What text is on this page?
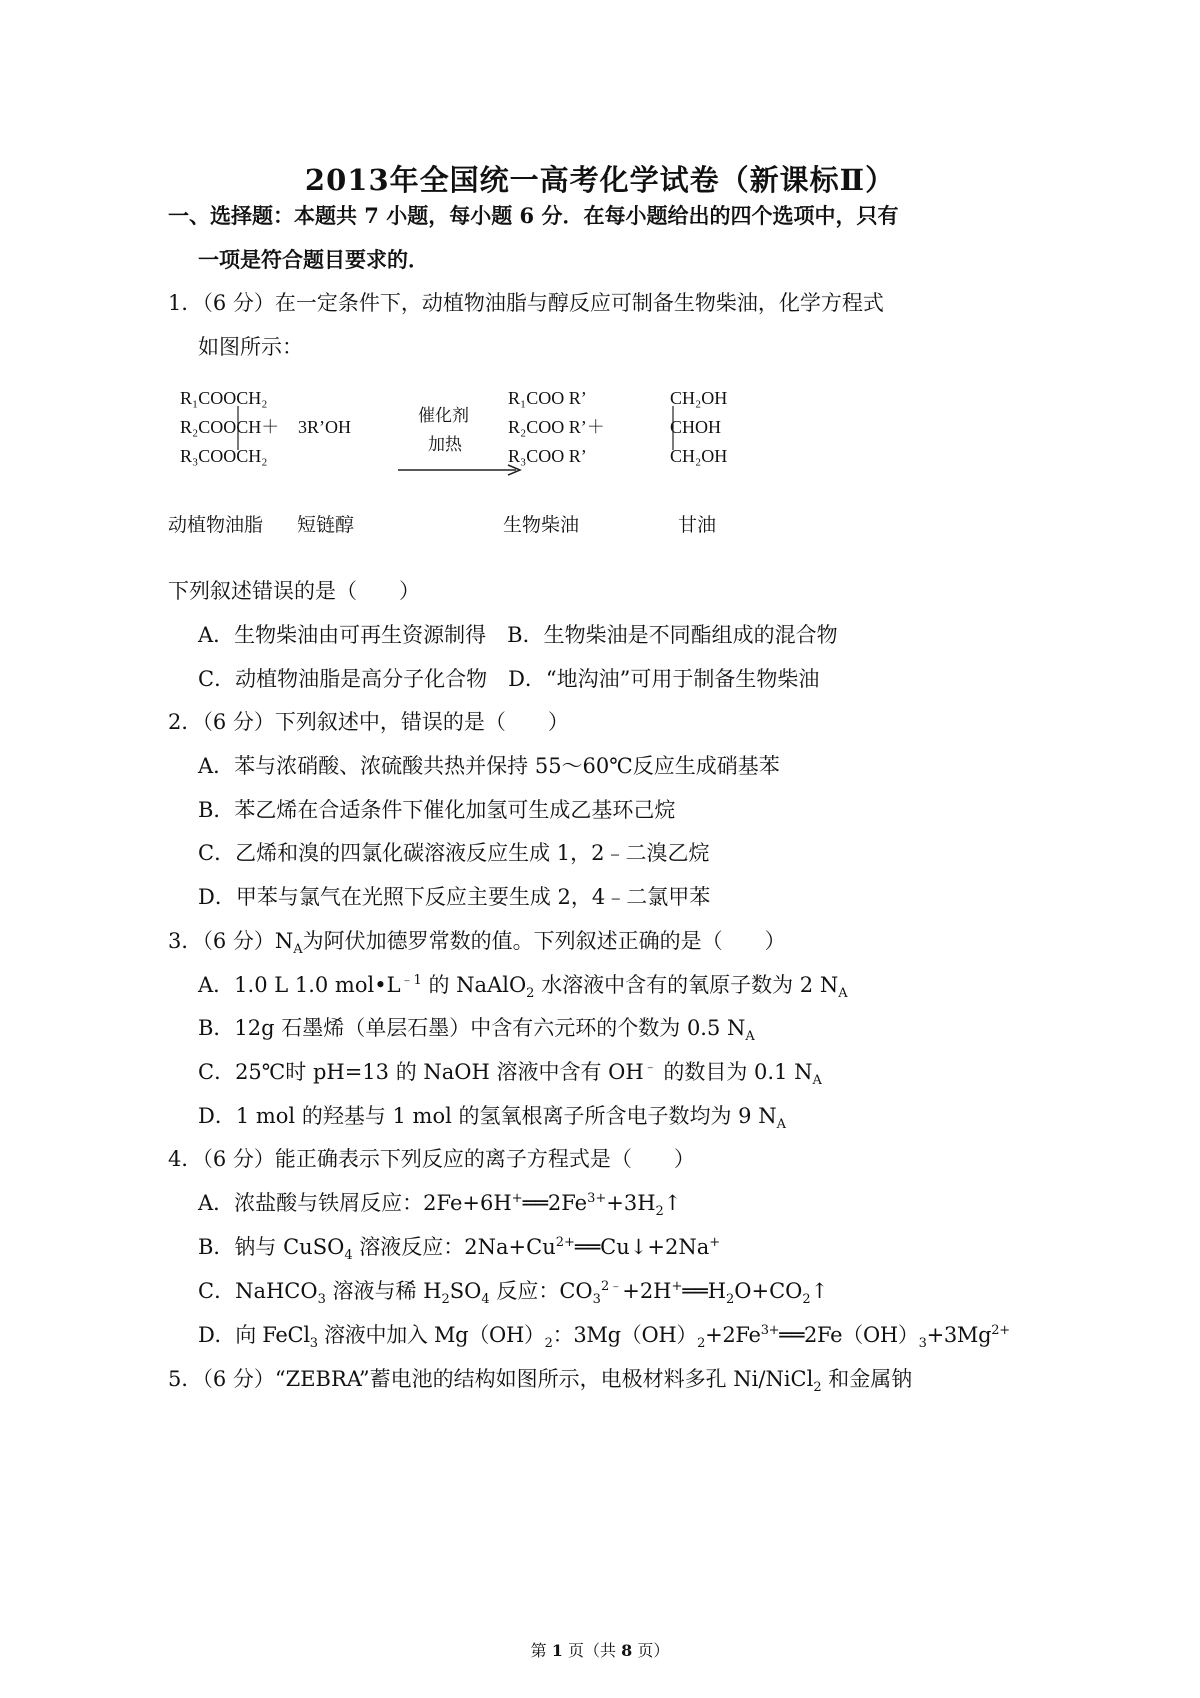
2013年全国统一高考化学试卷（新课标Ⅱ）
一、选择题：本题共 7 小题，每小题 6 分．在每小题给出的四个选项中，只有
一项是符合题目要求的．
1．（6 分）在一定条件下，动植物油脂与醇反应可制备生物柴油，化学方程式
如图所示：
R₁COOCH₂
R₂COOCH＋
R₃COOCH₂
3R’OH
催化剂
加热
R₁COO R’
R₂COO R’＋
R₃COO R’
CH₂OH
CHOH
CH₂OH
动植物油脂 短链醇	生物柴油	甘油
下列叙述错误的是（　　）
A．生物柴油由可再生资源制得　B．生物柴油是不同酯组成的混合物
C．动植物油脂是高分子化合物　D．“地沟油”可用于制备生物柴油
2．（6 分）下列叙述中，错误的是（　　）
A．苯与浓硝酸、浓硫酸共热并保持 55～60℃反应生成硝基苯
B．苯乙烯在合适条件下催化加氢可生成乙基环己烷
C．乙烯和溴的四氯化碳溶液反应生成 1，2﹣二溴乙烷
D．甲苯与氯气在光照下反应主要生成 2，4﹣二氯甲苯
3．（6 分）$N_A$为阿伏加德罗常数的值。下列叙述正确的是（　　）
A．1.0 L 1.0 $mol•L^{﹣1}$ 的 NaAlO$_2$ 水溶液中含有的氧原子数为 2 $N_A$
B．12g 石墨烯（单层石墨）中含有六元环的个数为 0.5 $N_A$
C．25℃时 pH=13 的 NaOH 溶液中含有 OH﹣ 的数目为 0.1 $N_A$
D．1 mol 的羟基与 1 mol 的氢氧根离子所含电子数均为 9 $N_A$
4．（6 分）能正确表示下列反应的离子方程式是（　　）
A．浓盐酸与铁屑反应：$2Fe+6H^+══2Fe^{3+}+3H_2↑$
B．钠与 CuSO$_4$ 溶液反应：$2Na+Cu^{2+}══Cu↓+2Na^+$
C．NaHCO$_3$ 溶液与稀 $H_2SO_4$ 反应：$CO_3^{2﹣}+2H^+══H_2O+CO_2↑$
D．向 FeCl$_3$ 溶液中加入 $Mg(OH)_2$：$3Mg(OH)_2+2Fe^{3+}══2Fe(OH)_3+3Mg^{2+}$
5．（6 分）“ZEBRA”蓄电池的结构如图所示，电极材料多孔 Ni/NiCl$_2$ 和金属钠
第 1 页（共 8 页）
